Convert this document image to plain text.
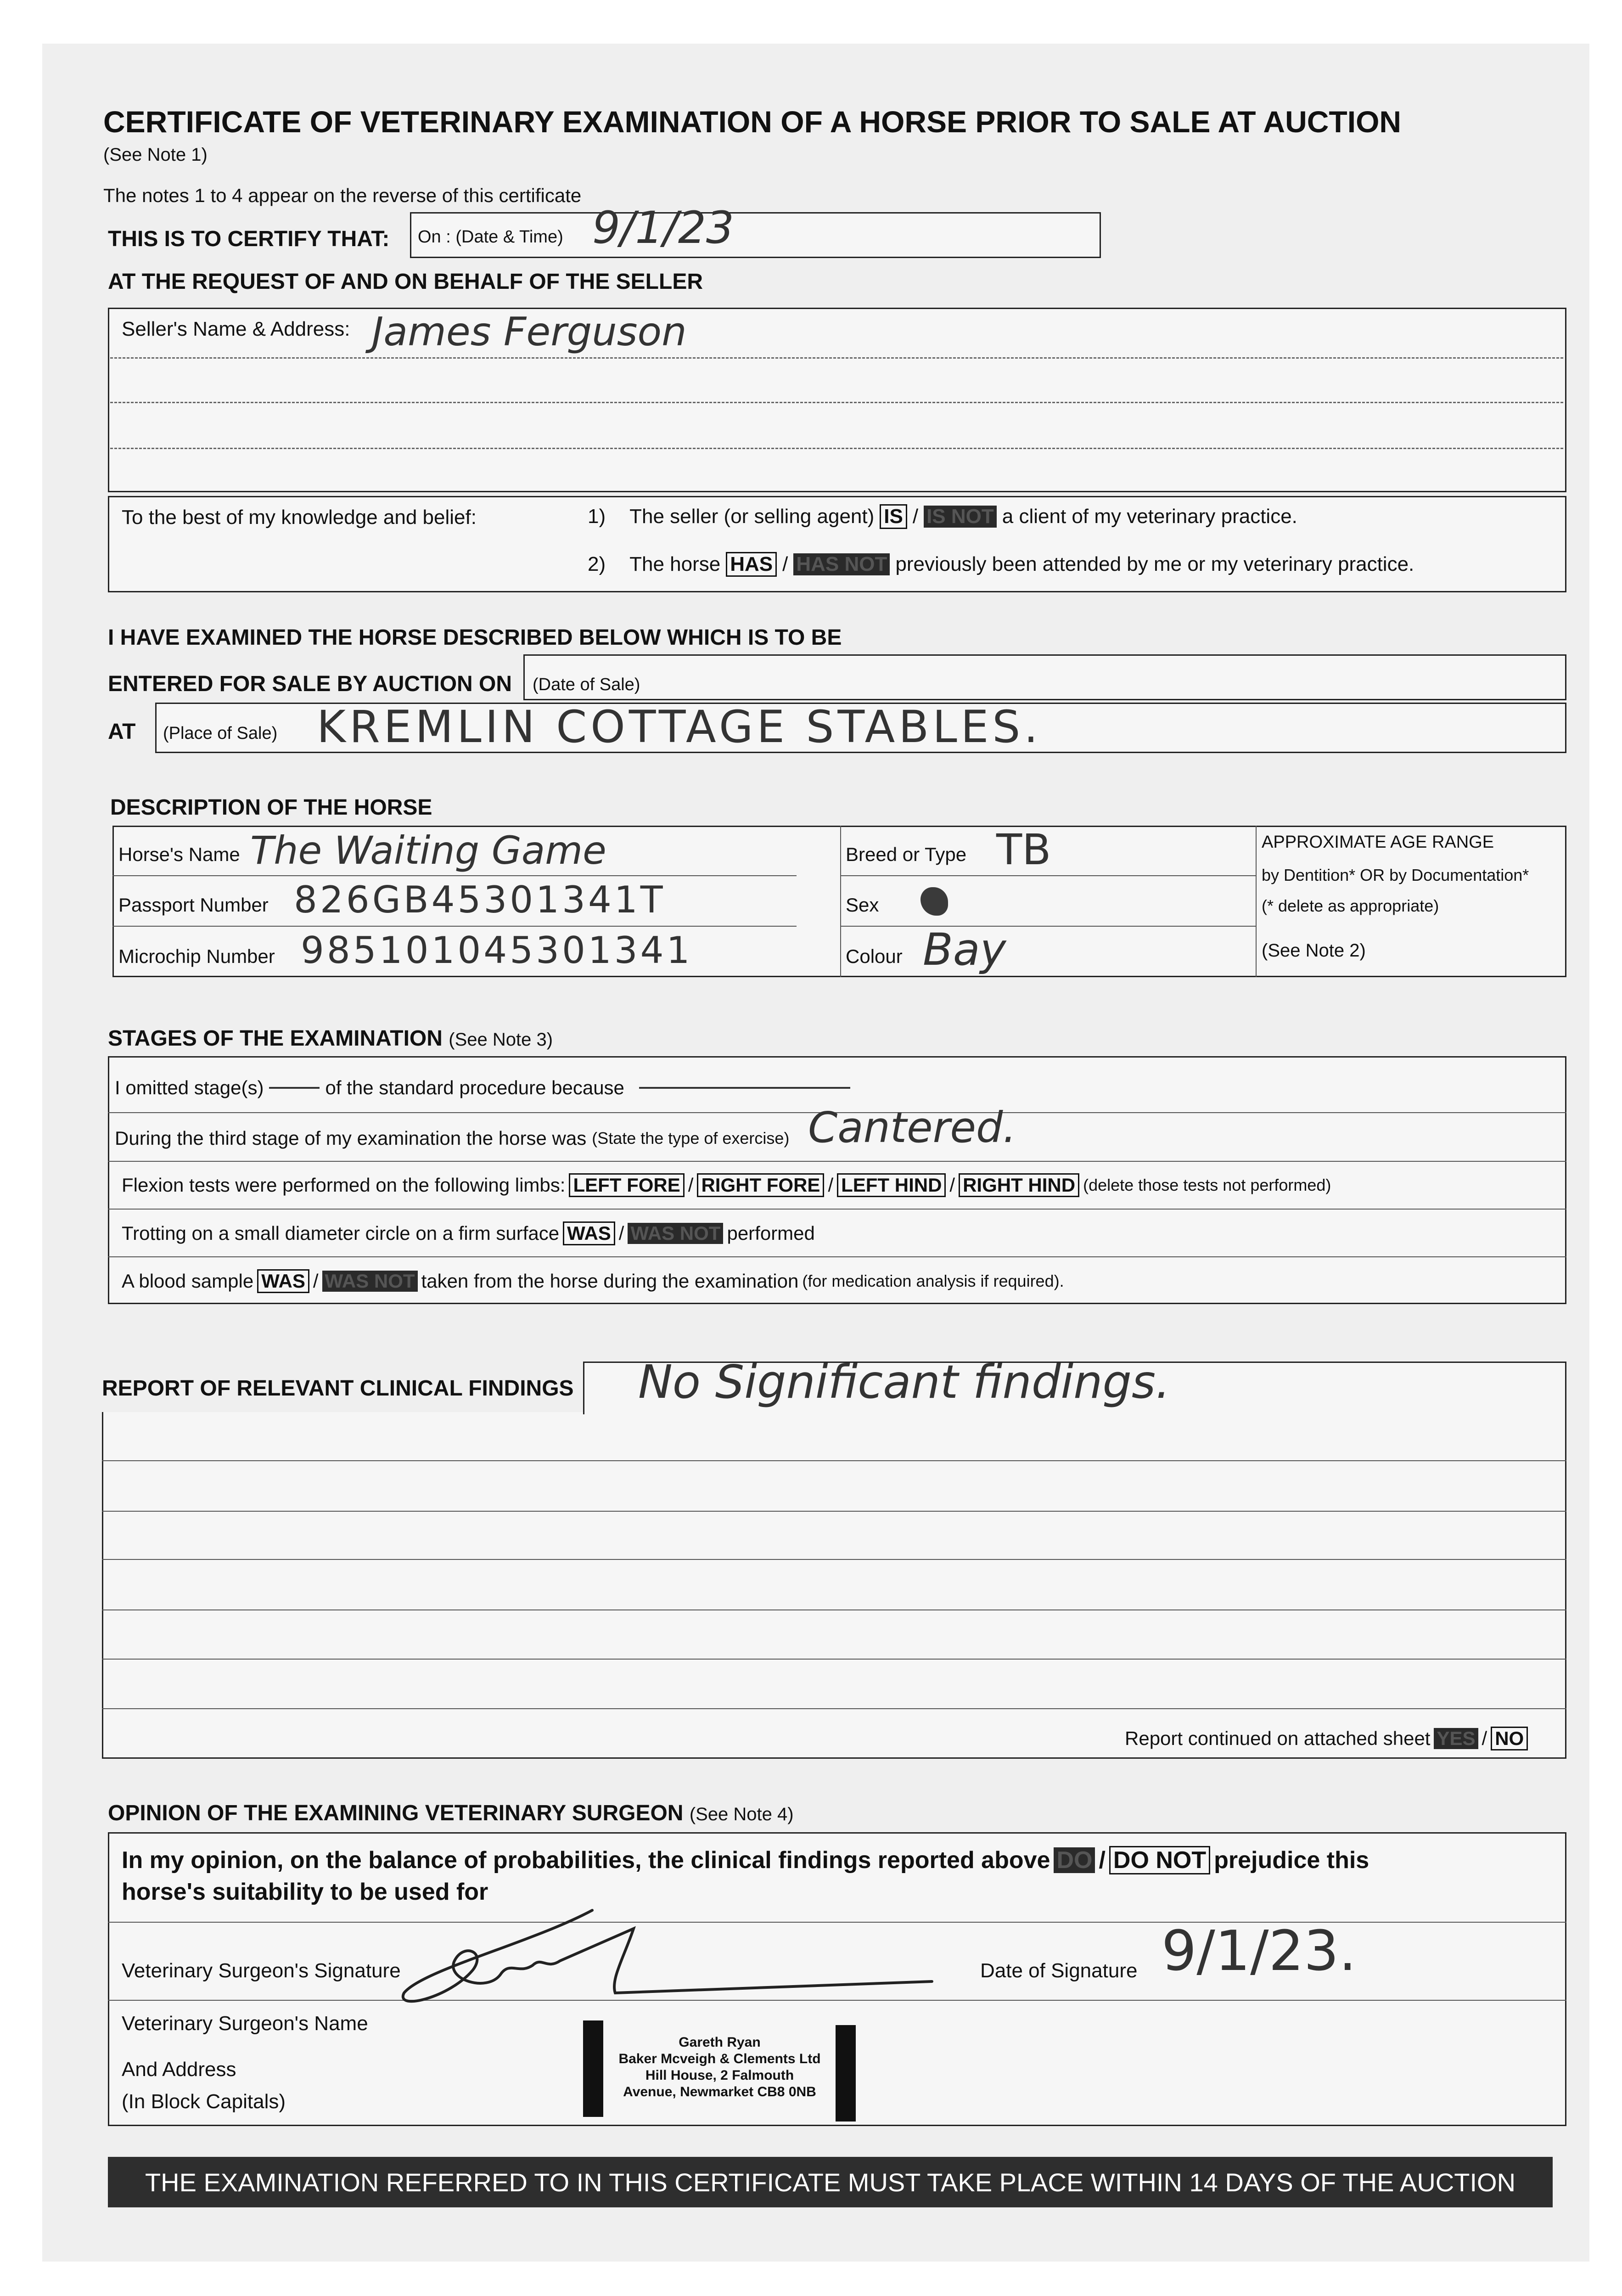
CERTIFICATE OF VETERINARY EXAMINATION OF A HORSE PRIOR TO SALE AT AUCTION
(See Note 1)
The notes 1 to 4 appear on the reverse of this certificate
THIS IS TO CERTIFY THAT: On : (Date & Time) 9/1/23
AT THE REQUEST OF AND ON BEHALF OF THE SELLER
Seller's Name & Address: James Ferguson
To the best of my knowledge and belief:	1) The seller (or selling agent) IS / IS NOT a client of my veterinary practice.
2) The horse HAS / HAS NOT previously been attended by me or my veterinary practice.
I HAVE EXAMINED THE HORSE DESCRIBED BELOW WHICH IS TO BE
ENTERED FOR SALE BY AUCTION ON (Date of Sale)
AT (Place of Sale) KREMLIN COTTAGE STABLES.
DESCRIPTION OF THE HORSE
Horse's Name The Waiting Game
Passport Number 826GB45301341T
Microchip Number 985101045301341
Breed or Type TB
Sex
Colour Bay
APPROXIMATE AGE RANGE
by Dentition* OR by Documentation*
(* delete as appropriate)
(See Note 2)
STAGES OF THE EXAMINATION (See Note 3)
I omitted stage(s)	of the standard procedure because
During the third stage of my examination the horse was (State the type of exercise) Cantered.
Flexion tests were performed on the following limbs: LEFT FORE / RIGHT FORE / LEFT HIND / RIGHT HIND (delete those tests not performed)
Trotting on a small diameter circle on a firm surface WAS / WAS NOT performed
A blood sample WAS / WAS NOT taken from the horse during the examination (for medication analysis if required).
REPORT OF RELEVANT CLINICAL FINDINGS No Significant findings.
Report continued on attached sheet YES / NO
OPINION OF THE EXAMINING VETERINARY SURGEON (See Note 4)
In my opinion, on the balance of probabilities, the clinical findings reported above DO / DO NOT prejudice this
horse's suitability to be used for
Veterinary Surgeon's Signature	Date of Signature 9/1/23.
Veterinary Surgeon's Name
And Address
(In Block Capitals)
Gareth Ryan
Baker Mcveigh & Clements Ltd
Hill House, 2 Falmouth
Avenue, Newmarket CB8 0NB
THE EXAMINATION REFERRED TO IN THIS CERTIFICATE MUST TAKE PLACE WITHIN 14 DAYS OF THE AUCTION
